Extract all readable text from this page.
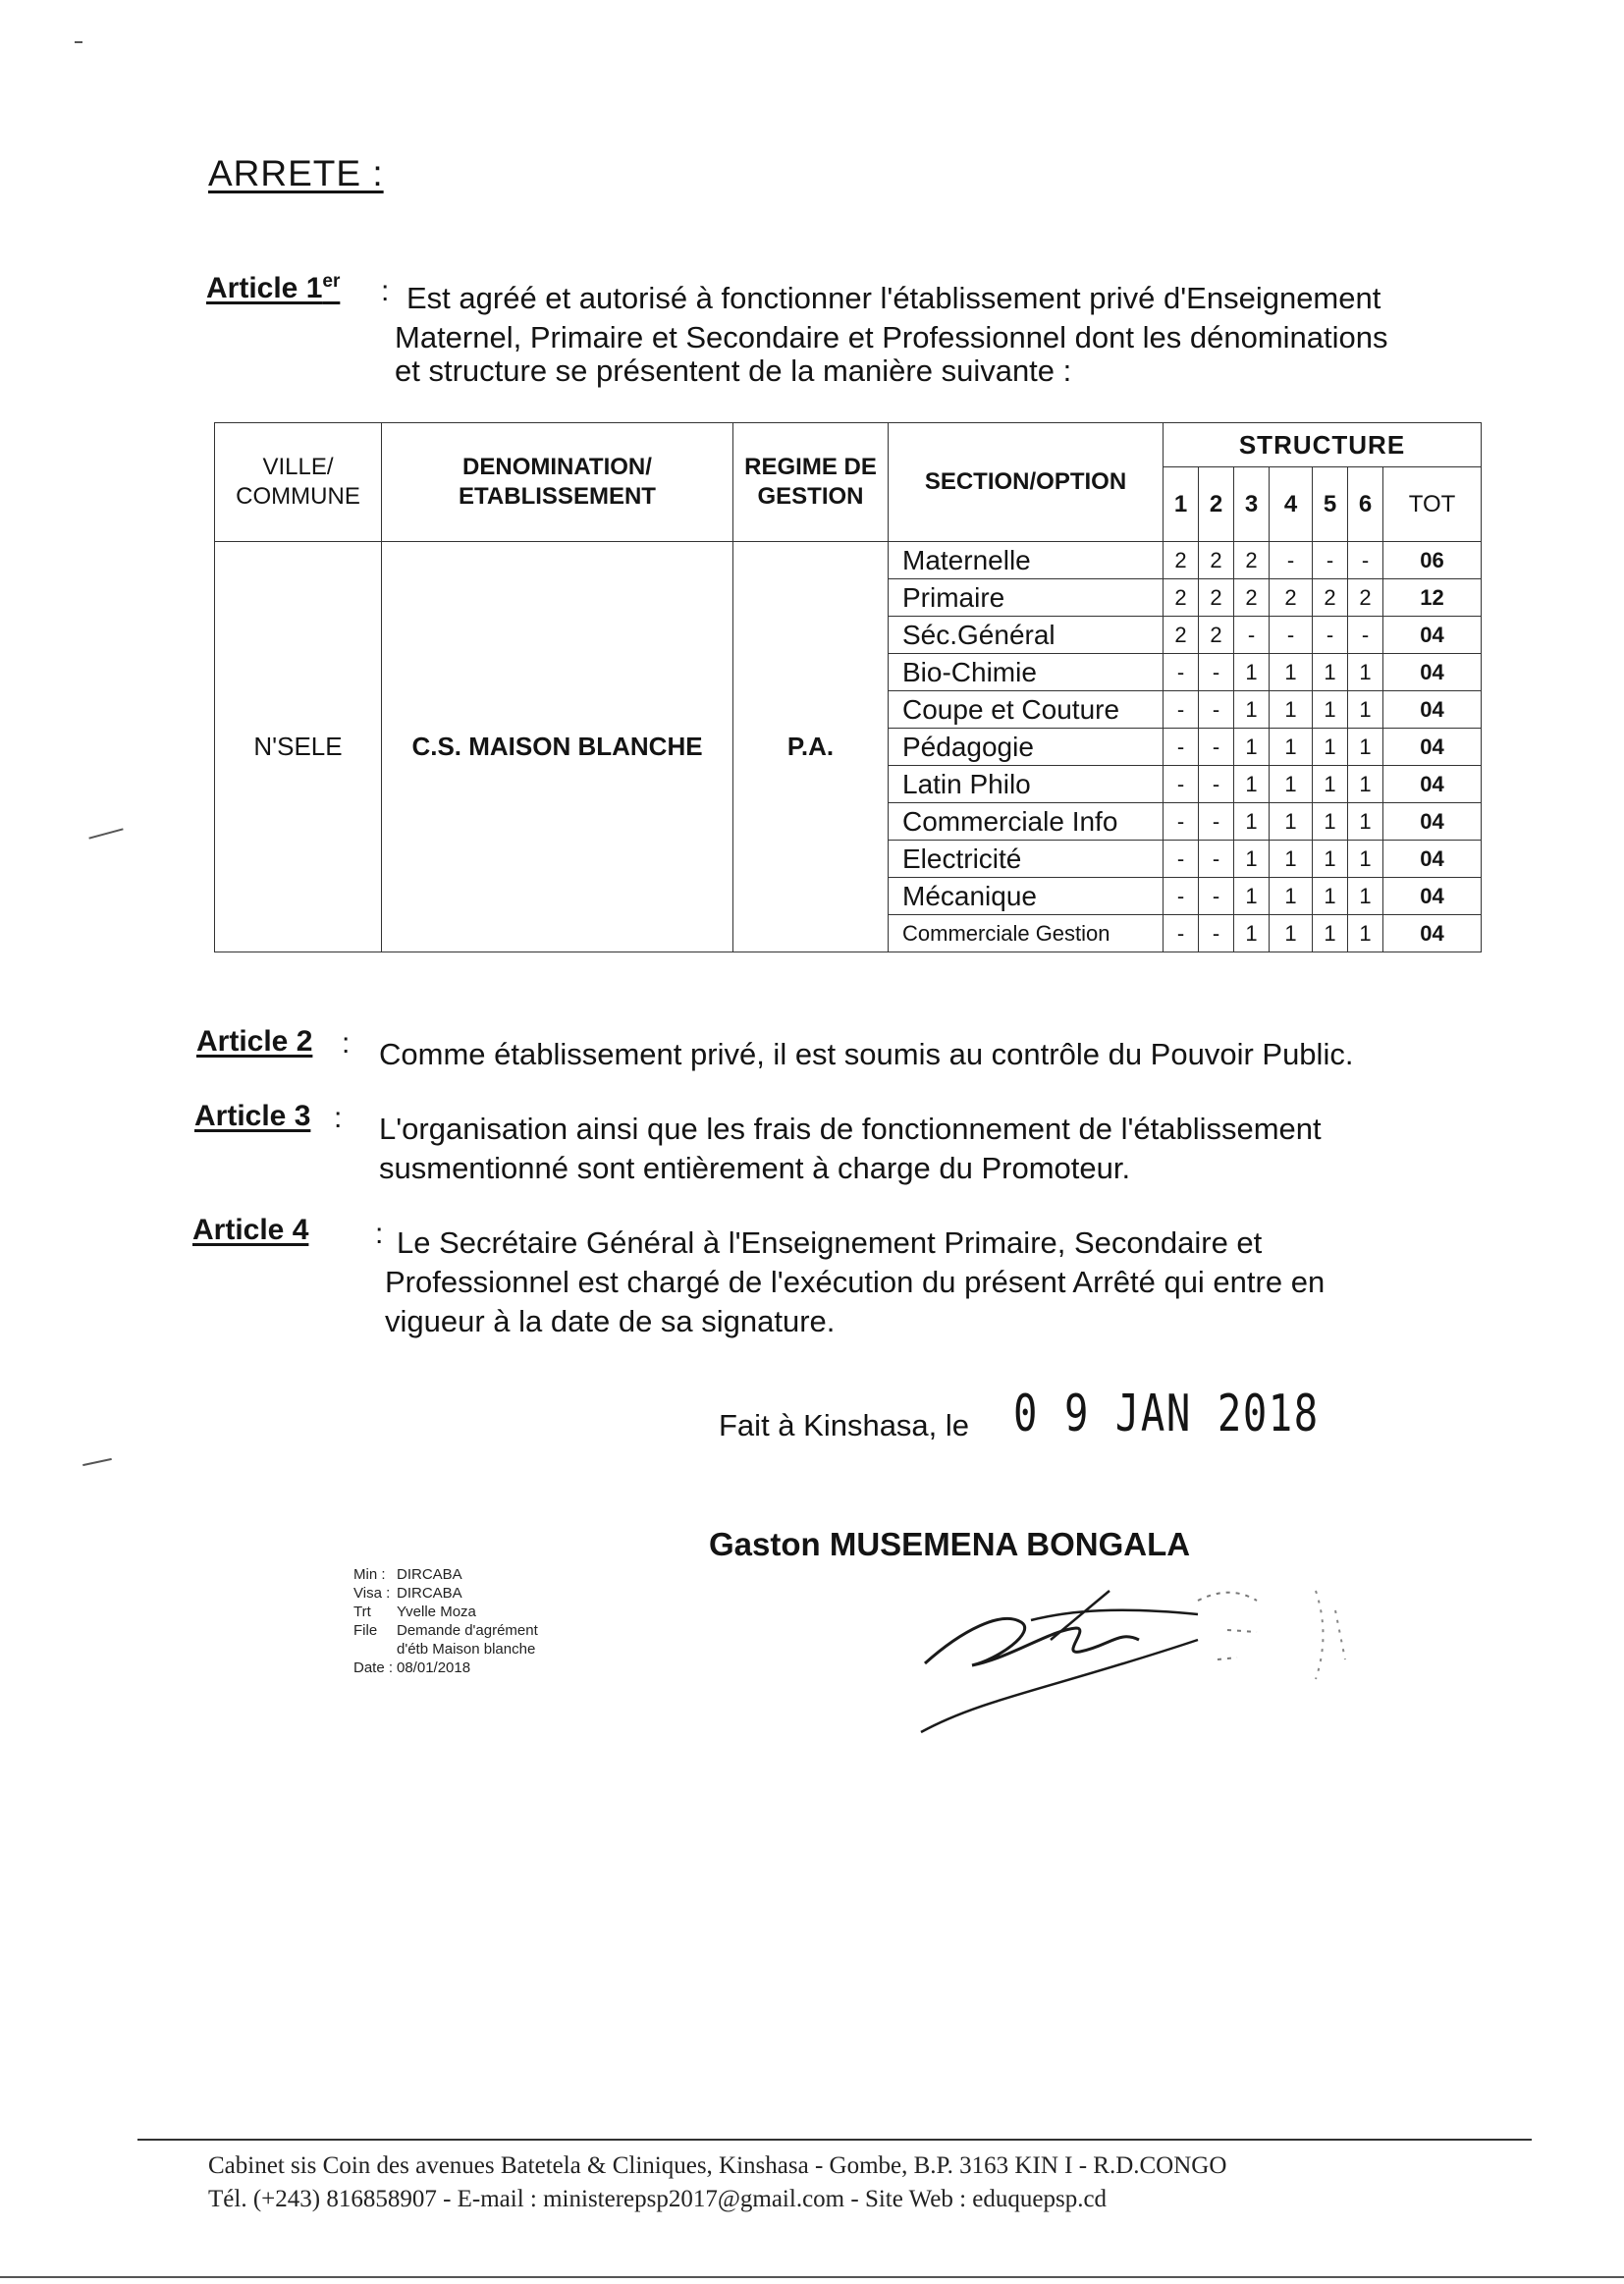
ARRETE :
Article 1er : Est agréé et autorisé à fonctionner l'établissement privé d'Enseignement
Maternel, Primaire et Secondaire et Professionnel dont les dénominations
et structure se présentent de la manière suivante :
VILLE/ COMMUNE	DENOMINATION/ ETABLISSEMENT	REGIME DE GESTION	SECTION/OPTION	STRUCTURE						
				1	2	3	4	5	6	TOT
N'SELE	C.S. MAISON BLANCHE	P.A.	Maternelle	2	2	2	-	-	-	06
			Primaire	2	2	2	2	2	2	12
			Séc.Général	2	2	-	-	-	-	04
			Bio-Chimie	-	-	1	1	1	1	04
			Coupe et Couture	-	-	1	1	1	1	04
			Pédagogie	-	-	1	1	1	1	04
			Latin Philo	-	-	1	1	1	1	04
			Commerciale Info	-	-	1	1	1	1	04
			Electricité	-	-	1	1	1	1	04
			Mécanique	-	-	1	1	1	1	04
			Commerciale Gestion	-	-	1	1	1	1	04
Article 2 : Comme établissement privé, il est soumis au contrôle du Pouvoir Public.
Article 3 : L'organisation ainsi que les frais de fonctionnement de l'établissement
susmentionné sont entièrement à charge du Promoteur.
Article 4 : Le Secrétaire Général à l'Enseignement Primaire, Secondaire et
Professionnel est chargé de l'exécution du présent Arrêté qui entre en
vigueur à la date de sa signature.
Fait à Kinshasa, le 0 9 JAN 2018
Gaston MUSEMENA BONGALA
Min : DIRCABA
Visa : DIRCABA
Trt Yvelle Moza
File Demande d'agrément
d'étb Maison blanche
Date : 08/01/2018
Cabinet sis Coin des avenues Batetela & Cliniques, Kinshasa - Gombe, B.P. 3163 KIN I - R.D.CONGO
Tél. (+243) 816858907 - E-mail : ministerepsp2017@gmail.com - Site Web : eduquepsp.cd
